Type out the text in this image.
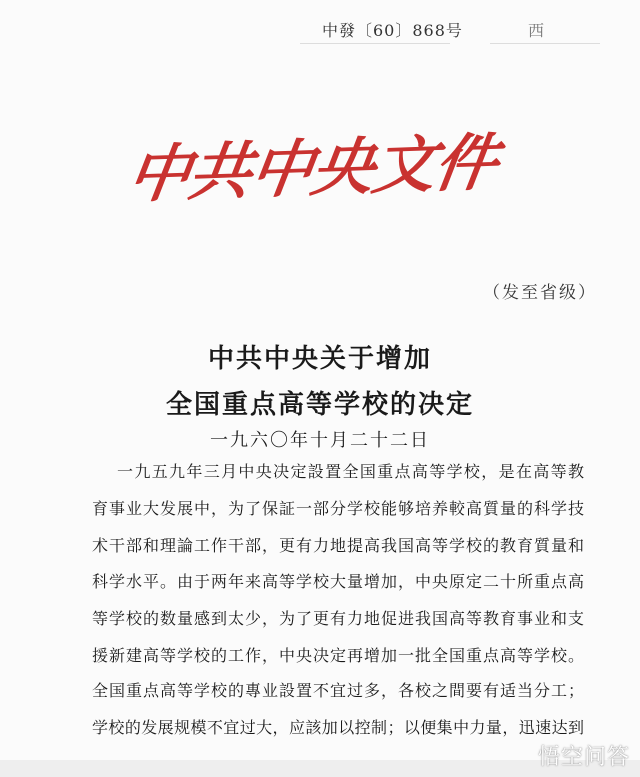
中發〔60〕868号	西
中共中央文件
（发至省级）
中共中央关于增加
全国重点高等学校的决定
一九六〇年十月二十二日
一九五九年三月中央决定設置全国重点高等学校，是在高等教
育事业大发展中，为了保証一部分学校能够培养較高質量的科学技
术干部和理論工作干部，更有力地提高我国高等学校的教育質量和
科学水平。由于两年来高等学校大量增加，中央原定二十所重点高
等学校的数量感到太少，为了更有力地促进我国高等教育事业和支
援新建高等学校的工作，中央决定再增加一批全国重点高等学校。
全国重点高等学校的專业設置不宜过多，各校之間要有适当分工；
学校的发展规模不宜过大，应該加以控制；以便集中力量，迅速达到
悟空问答
